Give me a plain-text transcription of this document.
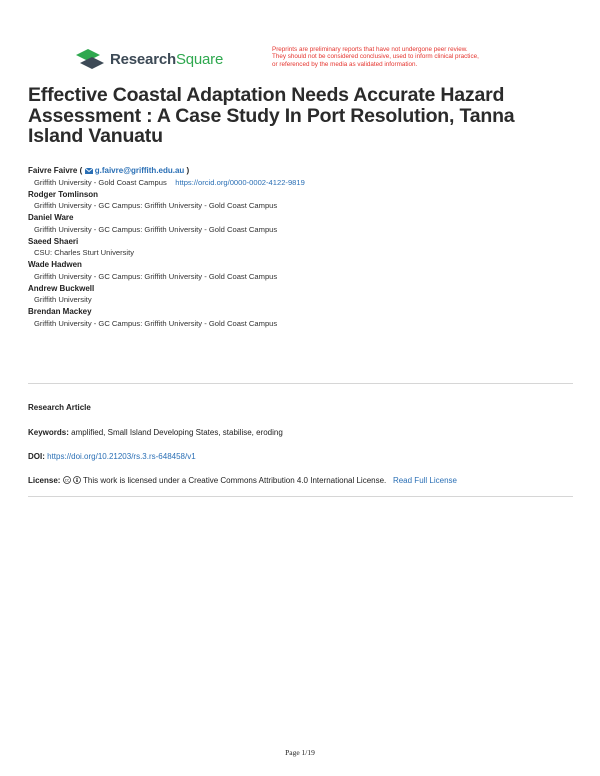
ResearchSquare
Preprints are preliminary reports that have not undergone peer review.
They should not be considered conclusive, used to inform clinical practice,
or referenced by the media as validated information.
Effective Coastal Adaptation Needs Accurate Hazard Assessment : A Case Study In Port Resolution, Tanna Island Vanuatu
Faivre Faivre (  g.faivre@griffith.edu.au )
Griffith University - Gold Coast Campus https://orcid.org/0000-0002-4122-9819
Rodger Tomlinson
Griffith University - GC Campus: Griffith University - Gold Coast Campus
Daniel Ware
Griffith University - GC Campus: Griffith University - Gold Coast Campus
Saeed Shaeri
CSU: Charles Sturt University
Wade Hadwen
Griffith University - GC Campus: Griffith University - Gold Coast Campus
Andrew Buckwell
Griffith University
Brendan Mackey
Griffith University - GC Campus: Griffith University - Gold Coast Campus
Research Article
Keywords: amplified, Small Island Developing States, stabilise, eroding
DOI: https://doi.org/10.21203/rs.3.rs-648458/v1
License: cc This work is licensed under a Creative Commons Attribution 4.0 International License. Read Full License
Page 1/19
